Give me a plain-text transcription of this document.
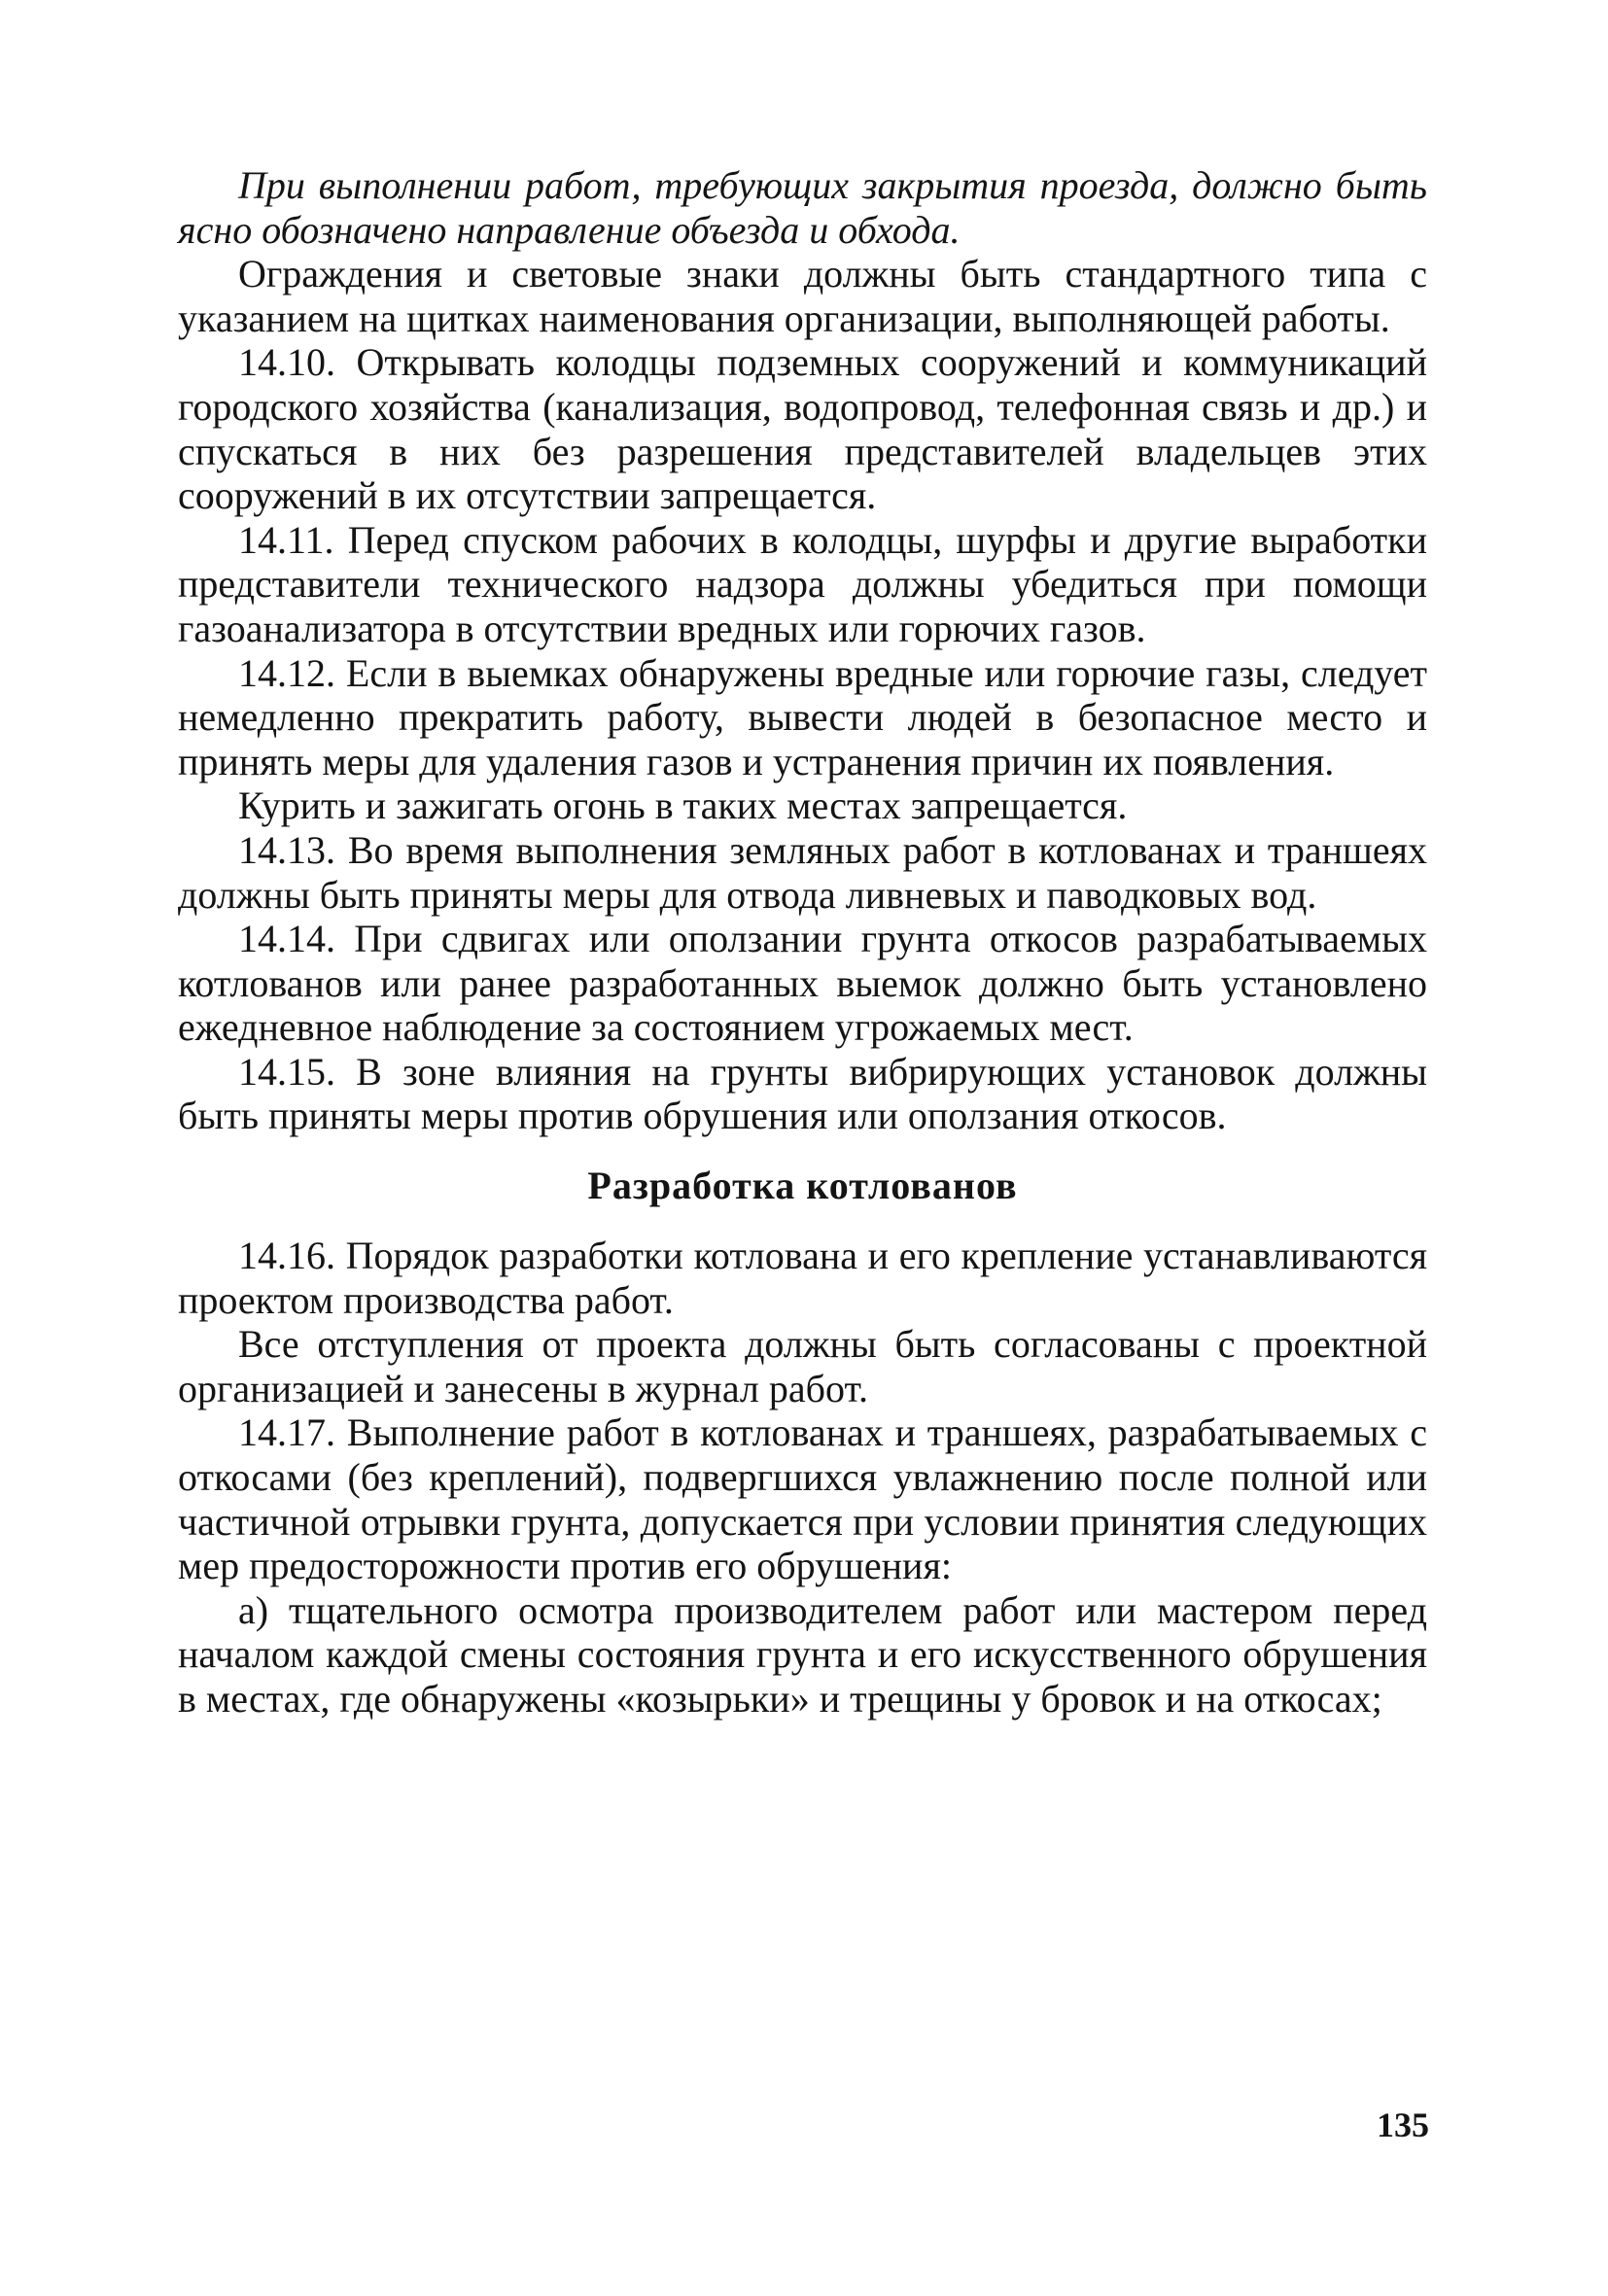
При выполнении работ, требующих закрытия проезда, должно быть ясно обозначено направление объезда и обхода.

Ограждения и световые знаки должны быть стандартного типа с указанием на щитках наименования организации, выполняющей работы.

14.10. Открывать колодцы подземных сооружений и коммуникаций городского хозяйства (канализация, водопровод, телефонная связь и др.) и спускаться в них без разрешения представителей владельцев этих сооружений в их отсутствии запрещается.

14.11. Перед спуском рабочих в колодцы, шурфы и другие выработки представители технического надзора должны убедиться при помощи газоанализатора в отсутствии вредных или горючих газов.

14.12. Если в выемках обнаружены вредные или горючие газы, следует немедленно прекратить работу, вывести людей в безопасное место и принять меры для удаления газов и устранения причин их появления.

Курить и зажигать огонь в таких местах запрещается.

14.13. Во время выполнения земляных работ в котлованах и траншеях должны быть приняты меры для отвода ливневых и паводковых вод.

14.14. При сдвигах или оползании грунта откосов разрабатываемых котлованов или ранее разработанных выемок должно быть установлено ежедневное наблюдение за состоянием угрожаемых мест.

14.15. В зоне влияния на грунты вибрирующих установок должны быть приняты меры против обрушения или оползания откосов.

Разработка котлованов

14.16. Порядок разработки котлована и его крепление устанавливаются проектом производства работ.

Все отступления от проекта должны быть согласованы с проектной организацией и занесены в журнал работ.

14.17. Выполнение работ в котлованах и траншеях, разрабатываемых с откосами (без креплений), подвергшихся увлажнению после полной или частичной отрывки грунта, допускается при условии принятия следующих мер предосторожности против его обрушения:

а) тщательного осмотра производителем работ или мастером перед началом каждой смены состояния грунта и его искусственного обрушения в местах, где обнаружены «козырьки» и трещины у бровок и на откосах;

135
